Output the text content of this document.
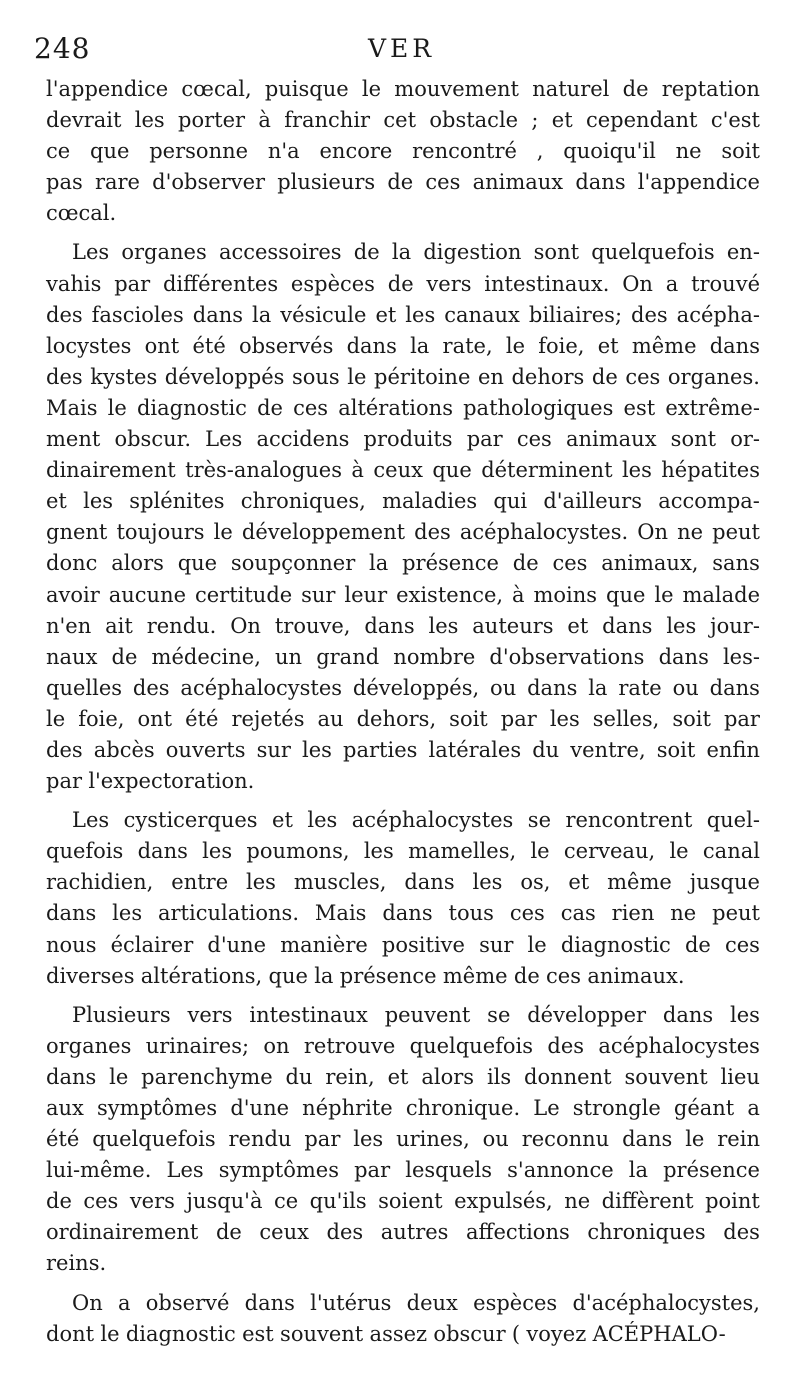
248	VER
l'appendice cœcal, puisque le mouvement naturel de reptation
devrait les porter à franchir cet obstacle ; et cependant c'est
ce que personne n'a encore rencontré , quoiqu'il ne soit
pas rare d'observer plusieurs de ces animaux dans l'appendice
cœcal.
Les organes accessoires de la digestion sont quelquefois en-
vahis par différentes espèces de vers intestinaux. On a trouvé
des fascioles dans la vésicule et les canaux biliaires; des acépha-
locystes ont été observés dans la rate, le foie, et même dans
des kystes développés sous le péritoine en dehors de ces organes.
Mais le diagnostic de ces altérations pathologiques est extrême-
ment obscur. Les accidens produits par ces animaux sont or-
dinairement très-analogues à ceux que déterminent les hépatites
et les splénites chroniques, maladies qui d'ailleurs accompa-
gnent toujours le développement des acéphalocystes. On ne peut
donc alors que soupçonner la présence de ces animaux, sans
avoir aucune certitude sur leur existence, à moins que le malade
n'en ait rendu. On trouve, dans les auteurs et dans les jour-
naux de médecine, un grand nombre d'observations dans les-
quelles des acéphalocystes développés, ou dans la rate ou dans
le foie, ont été rejetés au dehors, soit par les selles, soit par
des abcès ouverts sur les parties latérales du ventre, soit enfin
par l'expectoration.
Les cysticerques et les acéphalocystes se rencontrent quel-
quefois dans les poumons, les mamelles, le cerveau, le canal
rachidien, entre les muscles, dans les os, et même jusque
dans les articulations. Mais dans tous ces cas rien ne peut
nous éclairer d'une manière positive sur le diagnostic de ces
diverses altérations, que la présence même de ces animaux.
Plusieurs vers intestinaux peuvent se développer dans les
organes urinaires; on retrouve quelquefois des acéphalocystes
dans le parenchyme du rein, et alors ils donnent souvent lieu
aux symptômes d'une néphrite chronique. Le strongle géant a
été quelquefois rendu par les urines, ou reconnu dans le rein
lui-même. Les symptômes par lesquels s'annonce la présence
de ces vers jusqu'à ce qu'ils soient expulsés, ne diffèrent point
ordinairement de ceux des autres affections chroniques des
reins.
On a observé dans l'utérus deux espèces d'acéphalocystes,
dont le diagnostic est souvent assez obscur ( voyez ACÉPHALO-
